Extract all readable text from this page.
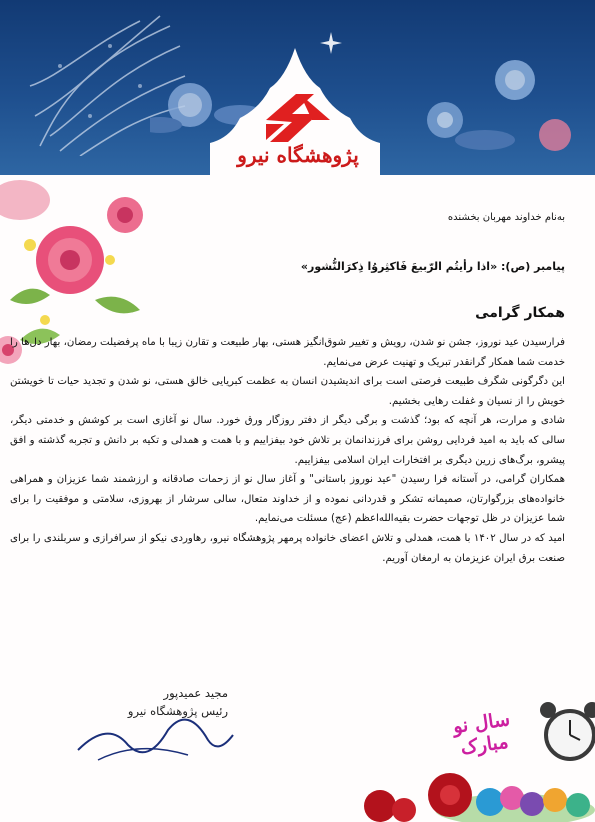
پژوهشگاه نیرو
به‌نام خداوند مهربان بخشنده
پیامبر (ص): «اذا رأیتُم الرّبیعَ فَاکثِروُا ذِکرَالنُّشور»
همکار گرامی

فرارسیدن عید نوروز، جشن نو شدن، رویش و تغییر شوق‌انگیز هستی، بهار طبیعت و تقارن زیبا با ماه پرفضیلت رمضان، بهار دل‌ها را خدمت شما همکار گرانقدر تبریک و تهنیت عرض می‌نمایم.

این دگرگونی شگرف طبیعت فرصتی است برای اندیشیدن انسان به عظمت کبریایی خالق هستی، نو شدن و تجدید حیات تا خویشتن خویش را از نسیان و غفلت رهایی بخشیم.

شادی و مرارت، هر آنچه که بود؛ گذشت و برگی دیگر از دفتر روزگار ورق خورد. سال نو آغازی است بر کوشش و خدمتی دیگر، سالی که باید به امید فردایی روشن برای فرزندانمان بر تلاش خود بیفزاییم و با همت و همدلی و تکیه بر دانش و تجربه گذشته و افق پیشرو، برگ‌های زرین دیگری بر افتخارات ایران اسلامی بیفزاییم.

همکاران گرامی، در آستانه فرا رسیدن "عید نوروز باستانی" و آغاز سال نو از زحمات صادقانه و ارزشمند شما عزیزان و همراهی خانواده‌های بزرگوارتان، صمیمانه تشکر و قدردانی نموده و از خداوند متعال، سالی سرشار از بهروزی، سلامتی و موفقیت را برای شما عزیزان در ظل توجهات حضرت بقیه‌الله‌اعظم (عج) مسئلت می‌نمایم.

امید که در سال ۱۴۰۲ با همت، همدلی و تلاش اعضای خانواده پرمهر پژوهشگاه نیرو، رهاوردی نیکو از سرافرازی و سربلندی را برای صنعت برق ایران عزیزمان به ارمغان آوریم.

مجید عمیدپور
رئیس پژوهشگاه نیرو	سال نو مبارک
